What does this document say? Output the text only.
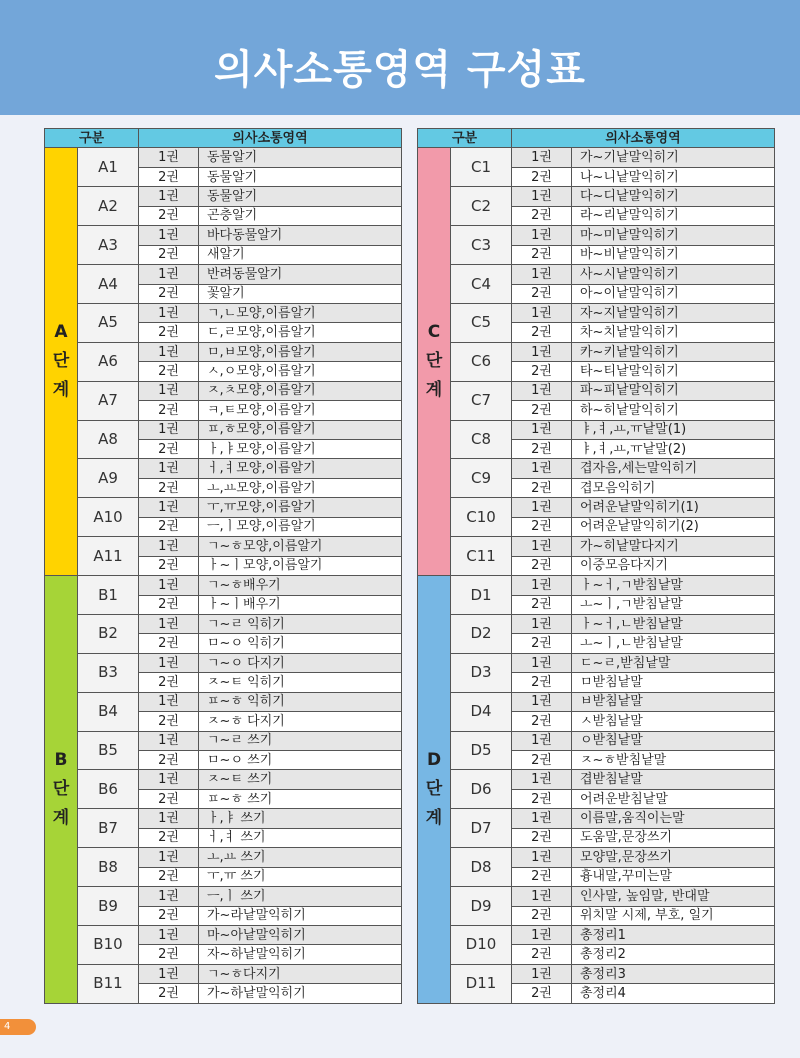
의사소통영역 구성표
구분		의사소통영역	

A
단
계	A1	1권	동물알기
		2권	동물알기
	A2	1권	동물알기
		2권	곤충알기
	A3	1권	바다동물알기
		2권	새알기
	A4	1권	반려동물알기
		2권	꽃알기
	A5	1권	ㄱ,ㄴ모양,이름알기
		2권	ㄷ,ㄹ모양,이름알기
	A6	1권	ㅁ,ㅂ모양,이름알기
		2권	ㅅ,ㅇ모양,이름알기
	A7	1권	ㅈ,ㅊ모양,이름알기
		2권	ㅋ,ㅌ모양,이름알기
	A8	1권	ㅍ,ㅎ모양,이름알기
		2권	ㅏ,ㅑ모양,이름알기
	A9	1권	ㅓ,ㅕ모양,이름알기
		2권	ㅗ,ㅛ모양,이름알기
	A10	1권	ㅜ,ㅠ모양,이름알기
		2권	ㅡ,ㅣ모양,이름알기
	A11	1권	ㄱ~ㅎ모양,이름알기
		2권	ㅏ~ㅣ모양,이름알기

B
단
계	B1	1권	ㄱ~ㅎ배우기
		2권	ㅏ~ㅣ배우기
	B2	1권	ㄱ~ㄹ 익히기
		2권	ㅁ~ㅇ 익히기
	B3	1권	ㄱ~ㅇ 다지기
		2권	ㅈ~ㅌ 익히기
	B4	1권	ㅍ~ㅎ 익히기
		2권	ㅈ~ㅎ 다지기
	B5	1권	ㄱ~ㄹ 쓰기
		2권	ㅁ~ㅇ 쓰기
	B6	1권	ㅈ~ㅌ 쓰기
		2권	ㅍ~ㅎ 쓰기
	B7	1권	ㅏ,ㅑ 쓰기
		2권	ㅓ,ㅕ 쓰기
	B8	1권	ㅗ,ㅛ 쓰기
		2권	ㅜ,ㅠ 쓰기
	B9	1권	ㅡ,ㅣ 쓰기
		2권	가~라낱말익히기
	B10	1권	마~아낱말익히기
		2권	자~하낱말익히기
	B11	1권	ㄱ~ㅎ다지기
		2권	가~하낱말익히기
구분		의사소통영역	

C
단
계	C1	1권	가~기낱말익히기
		2권	나~니낱말익히기
	C2	1권	다~디낱말익히기
		2권	라~리낱말익히기
	C3	1권	마~미낱말익히기
		2권	바~비낱말익히기
	C4	1권	사~시낱말익히기
		2권	아~이낱말익히기
	C5	1권	자~지낱말익히기
		2권	차~치낱말익히기
	C6	1권	카~키낱말익히기
		2권	타~티낱말익히기
	C7	1권	파~피낱말익히기
		2권	하~히낱말익히기
	C8	1권	ㅑ,ㅕ,ㅛ,ㅠ낱말(1)
		2권	ㅑ,ㅕ,ㅛ,ㅠ낱말(2)
	C9	1권	겹자음,세는말익히기
		2권	겹모음익히기
	C10	1권	어려운낱말익히기(1)
		2권	어려운낱말익히기(2)
	C11	1권	가~히낱말다지기
		2권	이중모음다지기

D
단
계	D1	1권	ㅏ~ㅓ,ㄱ받침낱말
		2권	ㅗ~ㅣ,ㄱ받침낱말
	D2	1권	ㅏ~ㅓ,ㄴ받침낱말
		2권	ㅗ~ㅣ,ㄴ받침낱말
	D3	1권	ㄷ~ㄹ,받침낱말
		2권	ㅁ받침낱말
	D4	1권	ㅂ받침낱말
		2권	ㅅ받침낱말
	D5	1권	ㅇ받침낱말
		2권	ㅈ~ㅎ받침낱말
	D6	1권	겹받침낱말
		2권	어려운받침낱말
	D7	1권	이름말,움직이는말
		2권	도움말,문장쓰기
	D8	1권	모양말,문장쓰기
		2권	흉내말,꾸미는말
	D9	1권	인사말, 높임말, 반대말
		2권	위치말 시제, 부호, 일기
	D10	1권	총정리1
		2권	총정리2
	D11	1권	총정리3
		2권	총정리4
4
